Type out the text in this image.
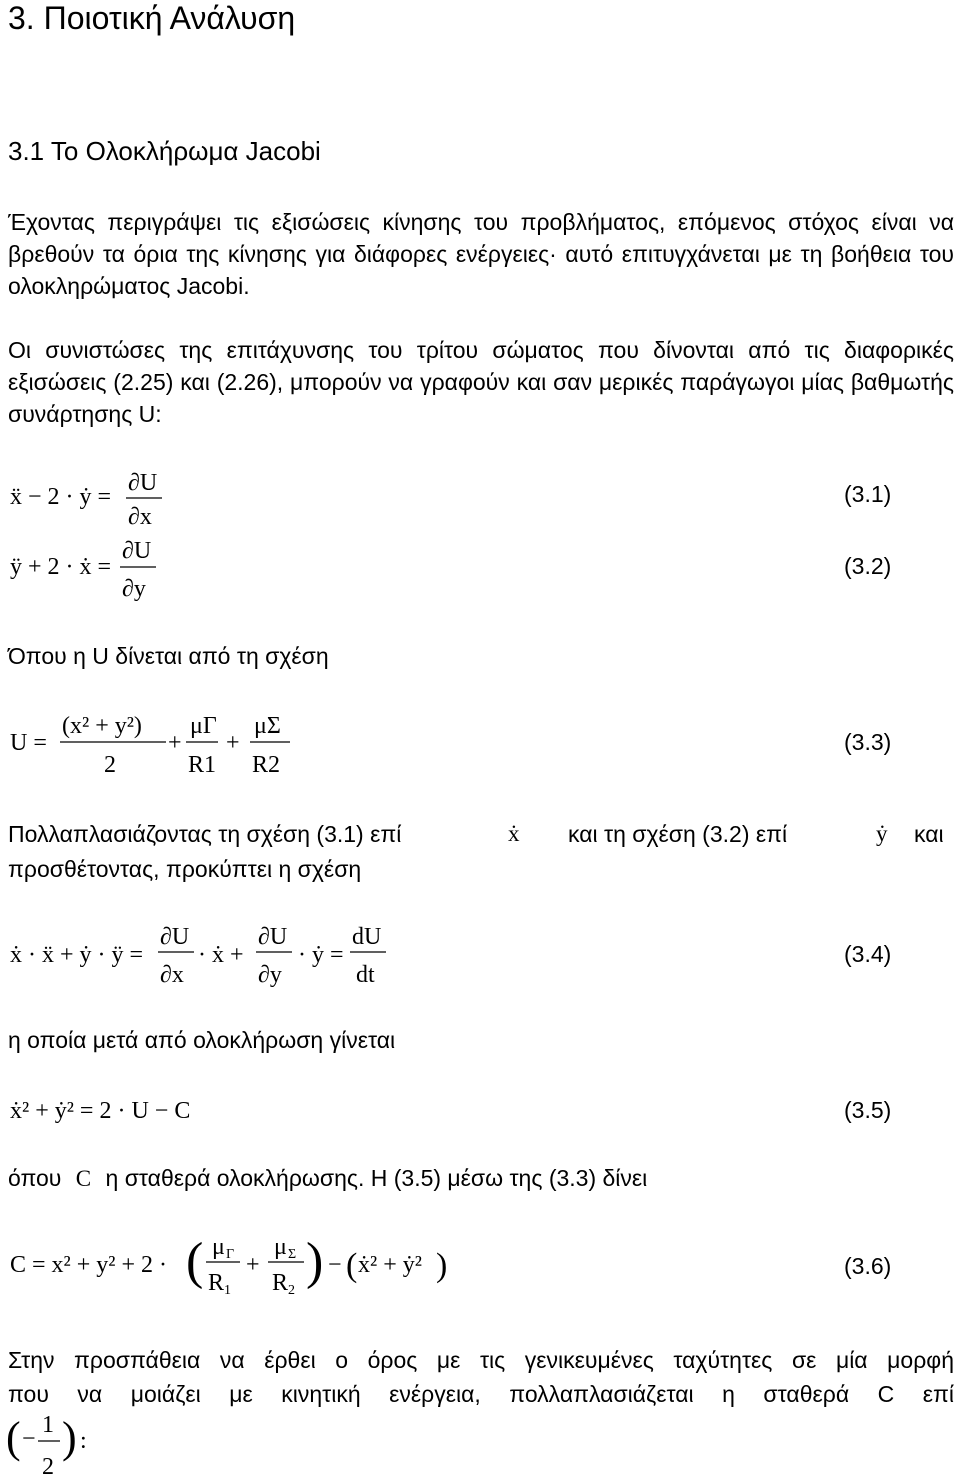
3. Ποιοτική Ανάλυση
3.1 Το Ολοκλήρωμα Jacobi

Έχοντας περιγράψει τις εξισώσεις κίνησης του προβλήματος, επόμενος στόχος είναι να βρεθούν τα όρια της κίνησης για διάφορες ενέργειες· αυτό επιτυγχάνεται με τη βοήθεια του ολοκληρώματος Jacobi.

Οι συνιστώσες της επιτάχυνσης του τρίτου σώματος που δίνονται από τις διαφορικές εξισώσεις (2.25) και (2.26), μπορούν να γραφούν και σαν μερικές παράγωγοι μίας βαθμωτής συνάρτησης U:

ẍ − 2 · ẏ =
∂U
∂x
(3.1)
ÿ + 2 · ẋ =
∂U
∂y
(3.2)

Όπου η U δίνεται από τη σχέση

U =
(x² + y²)
2
+
μΓ
R1
+
μΣ
R2
(3.3)
Πολλαπλασιάζοντας τη σχέση (3.1) επί	ẋ και τη σχέση (3.2) επί	ẏ και

προσθέτοντας, προκύπτει η σχέση

ẋ · ẍ + ẏ · ÿ =
∂U
∂x
· ẋ +
∂U
∂y
· ẏ =
dU
dt
(3.4)

η οποία μετά από ολοκλήρωση γίνεται

ẋ² + ẏ² = 2 · U − C	(3.5)
όπου C η σταθερά ολοκλήρωσης. Η (3.5) μέσω της (3.3) δίνει
C = x² + y² + 2 · ( μ Γ
R 1
+
μ Σ
R 2
) − ( ẋ² + ẏ² )	(3.6)

Στην προσπάθεια να έρθει ο όρος με τις γενικευμένες ταχύτητες σε μία μορφή

που να μοιάζει με κινητική ενέργεια, πολλαπλασιάζεται η σταθερά C επί

( −
1
2
) :
